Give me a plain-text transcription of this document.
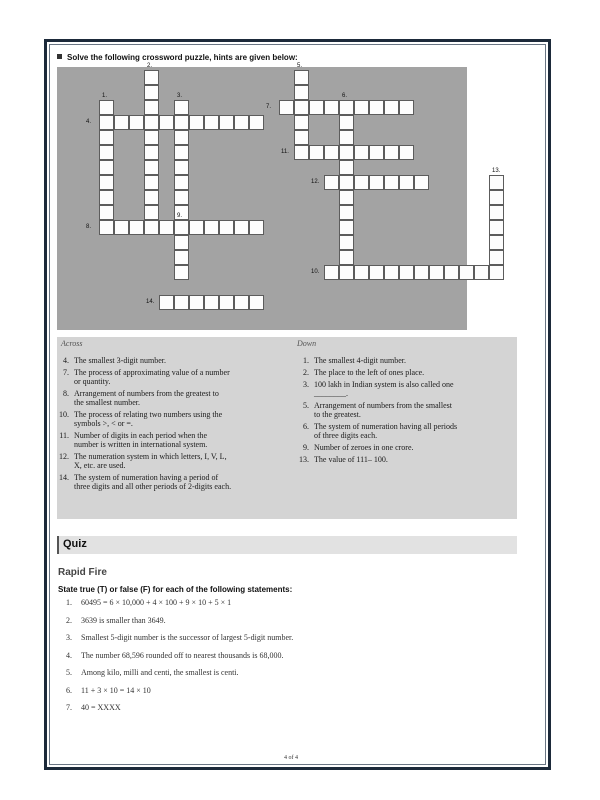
Solve the following crossword puzzle, hints are given below:
1.
2.
3.
4.
5.
6.
7.
8.
9.
10.
11.
12.
13.
14.
Across	Down
4. The smallest 3-digit number.
7. The process of approximating value of a number
or quantity.
8. Arrangement of numbers from the greatest to
the smallest number.
10. The process of relating two numbers using the
symbols >, < or =.
11. Number of digits in each period when the
number is written in international system.
12. The numeration system in which letters, I, V, L,
X, etc. are used.
14. The system of numeration having a period of
three digits and all other periods of 2-digits each.
1. The smallest 4-digit number.
2. The place to the left of ones place.
3. 100 lakh in Indian system is also called one
________.
5. Arrangement of numbers from the smallest
to the greatest.
6. The system of numeration having all periods
of three digits each.
9. Number of zeroes in one crore.
13. The value of 111– 100.
Quiz
Rapid Fire
State true (T) or false (F) for each of the following statements:
1. 60495 = 6 × 10,000 + 4 × 100 + 9 × 10 + 5 × 1
2. 3639 is smaller than 3649.
3. Smallest 5-digit number is the successor of largest 5-digit number.
4. The number 68,596 rounded off to nearest thousands is 68,000.
5. Among kilo, milli and centi, the smallest is centi.
6. 11 + 3 × 10 = 14 × 10
7. 40 = XXXX
4 of 4
